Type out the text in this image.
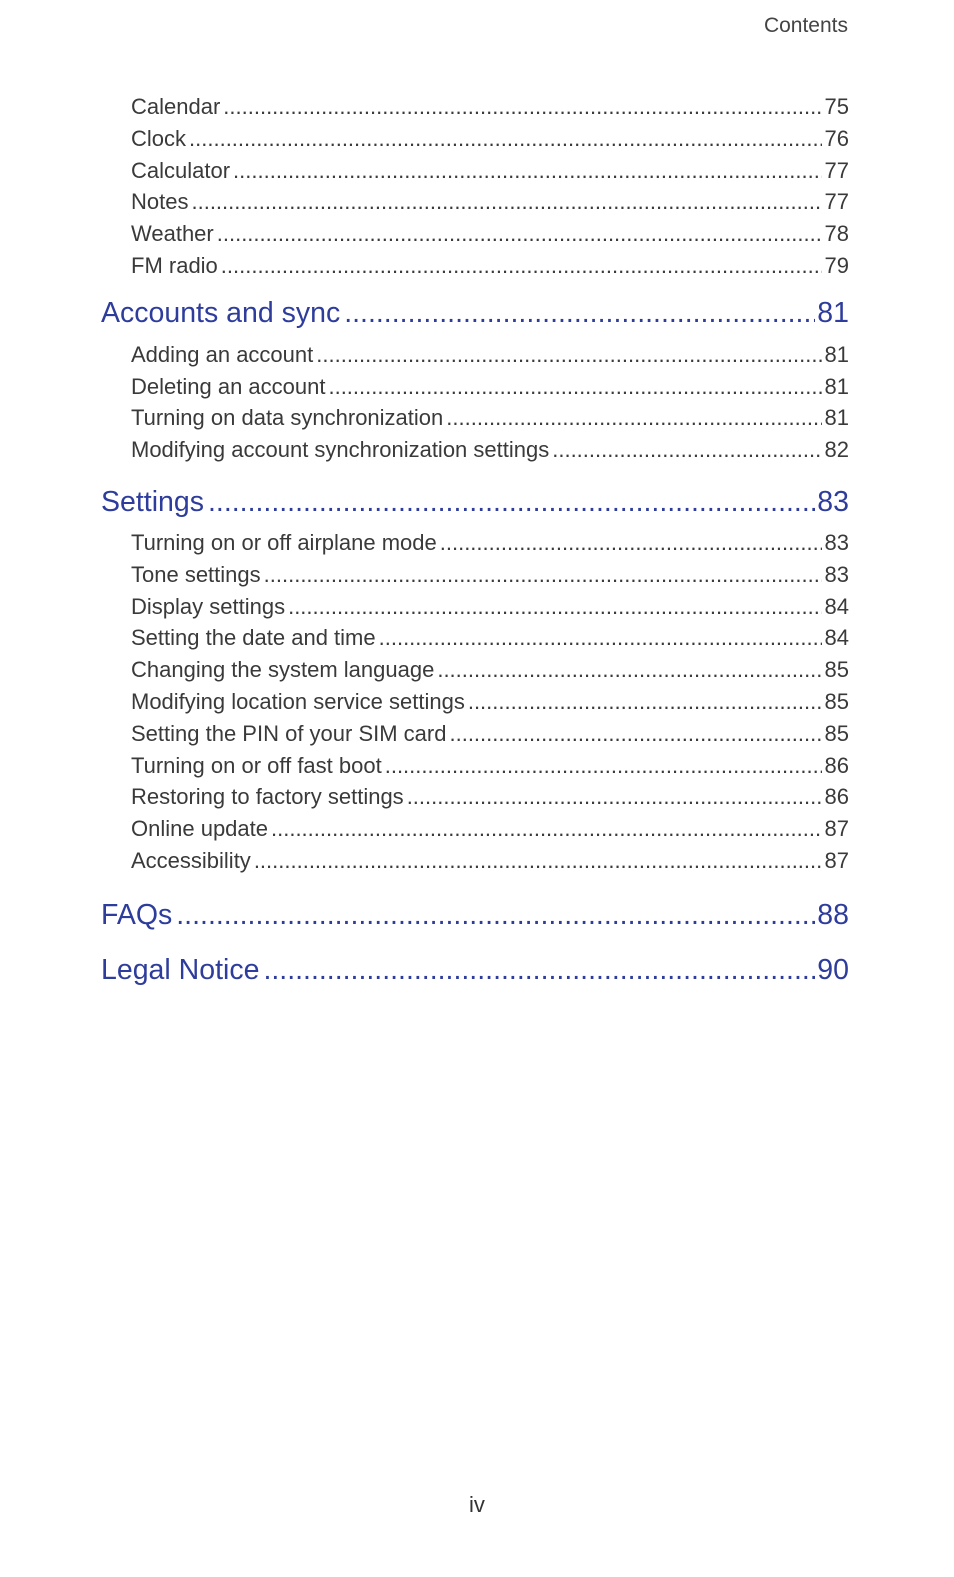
Contents
Calendar .....	75
Clock .....	76
Calculator .....	77
Notes .....	77
Weather .....	78
FM radio .....	79
Accounts and sync .....	81
Adding an account .....	81
Deleting an account .....	81
Turning on data synchronization .....	81
Modifying account synchronization settings .....	82
Settings .....	83
Turning on or off airplane mode .....	83
Tone settings .....	83
Display settings .....	84
Setting the date and time .....	84
Changing the system language .....	85
Modifying location service settings .....	85
Setting the PIN of your SIM card .....	85
Turning on or off fast boot .....	86
Restoring to factory settings .....	86
Online update .....	87
Accessibility .....	87
FAQs .....	88
Legal Notice .....	90
iv
